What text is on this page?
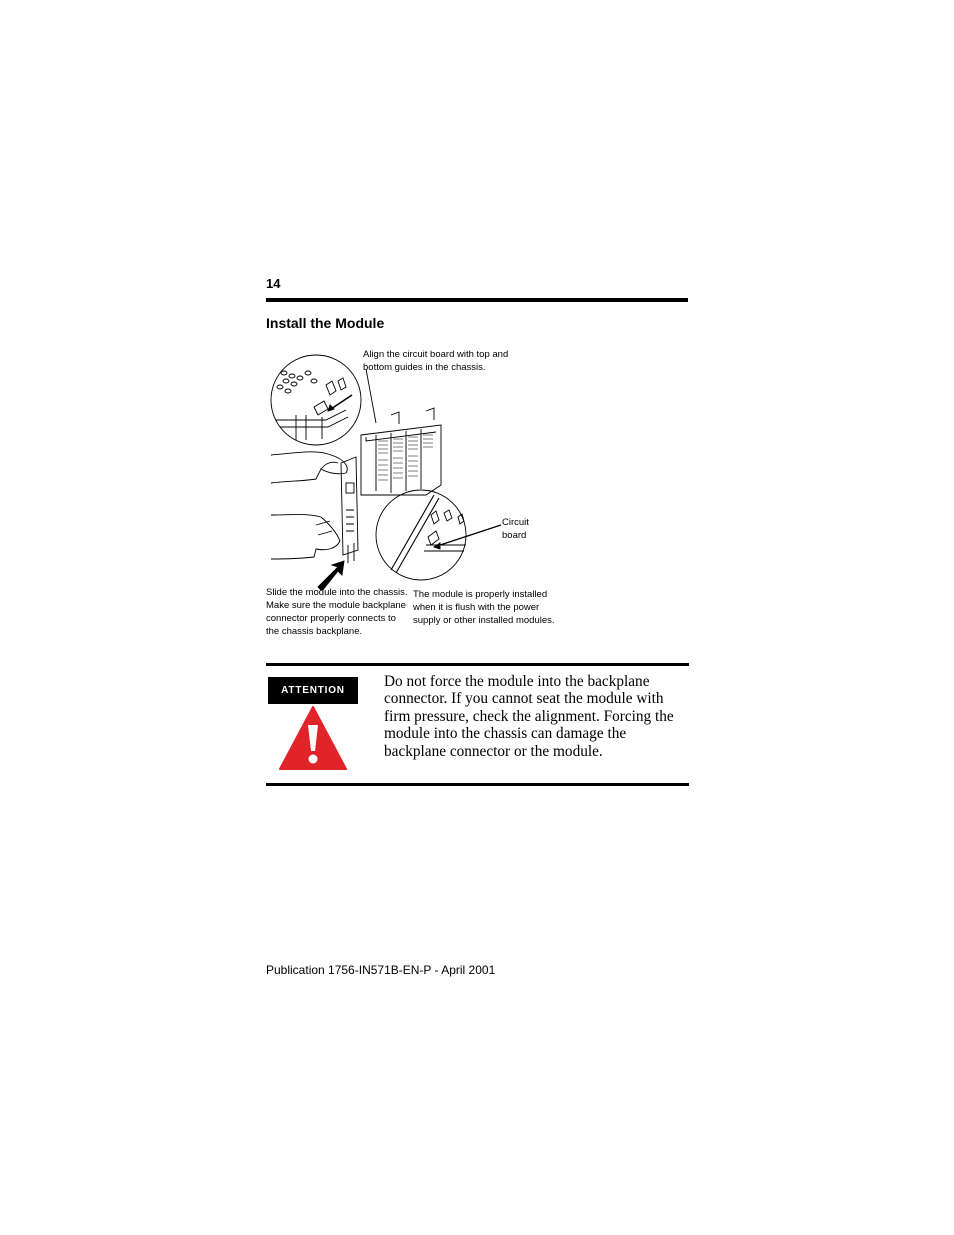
14
Install the Module
Align the circuit board with top and bottom guides in the chassis.
Circuit board
Slide the module into the chassis. Make sure the module backplane connector properly connects to the chassis backplane.
The module is properly installed when it is flush with the power supply or other installed modules.
ATTENTION
Do not force the module into the backplane connector. If you cannot seat the module with firm pressure, check the alignment. Forcing the module into the chassis can damage the backplane connector or the module.
Publication 1756-IN571B-EN-P - April 2001
